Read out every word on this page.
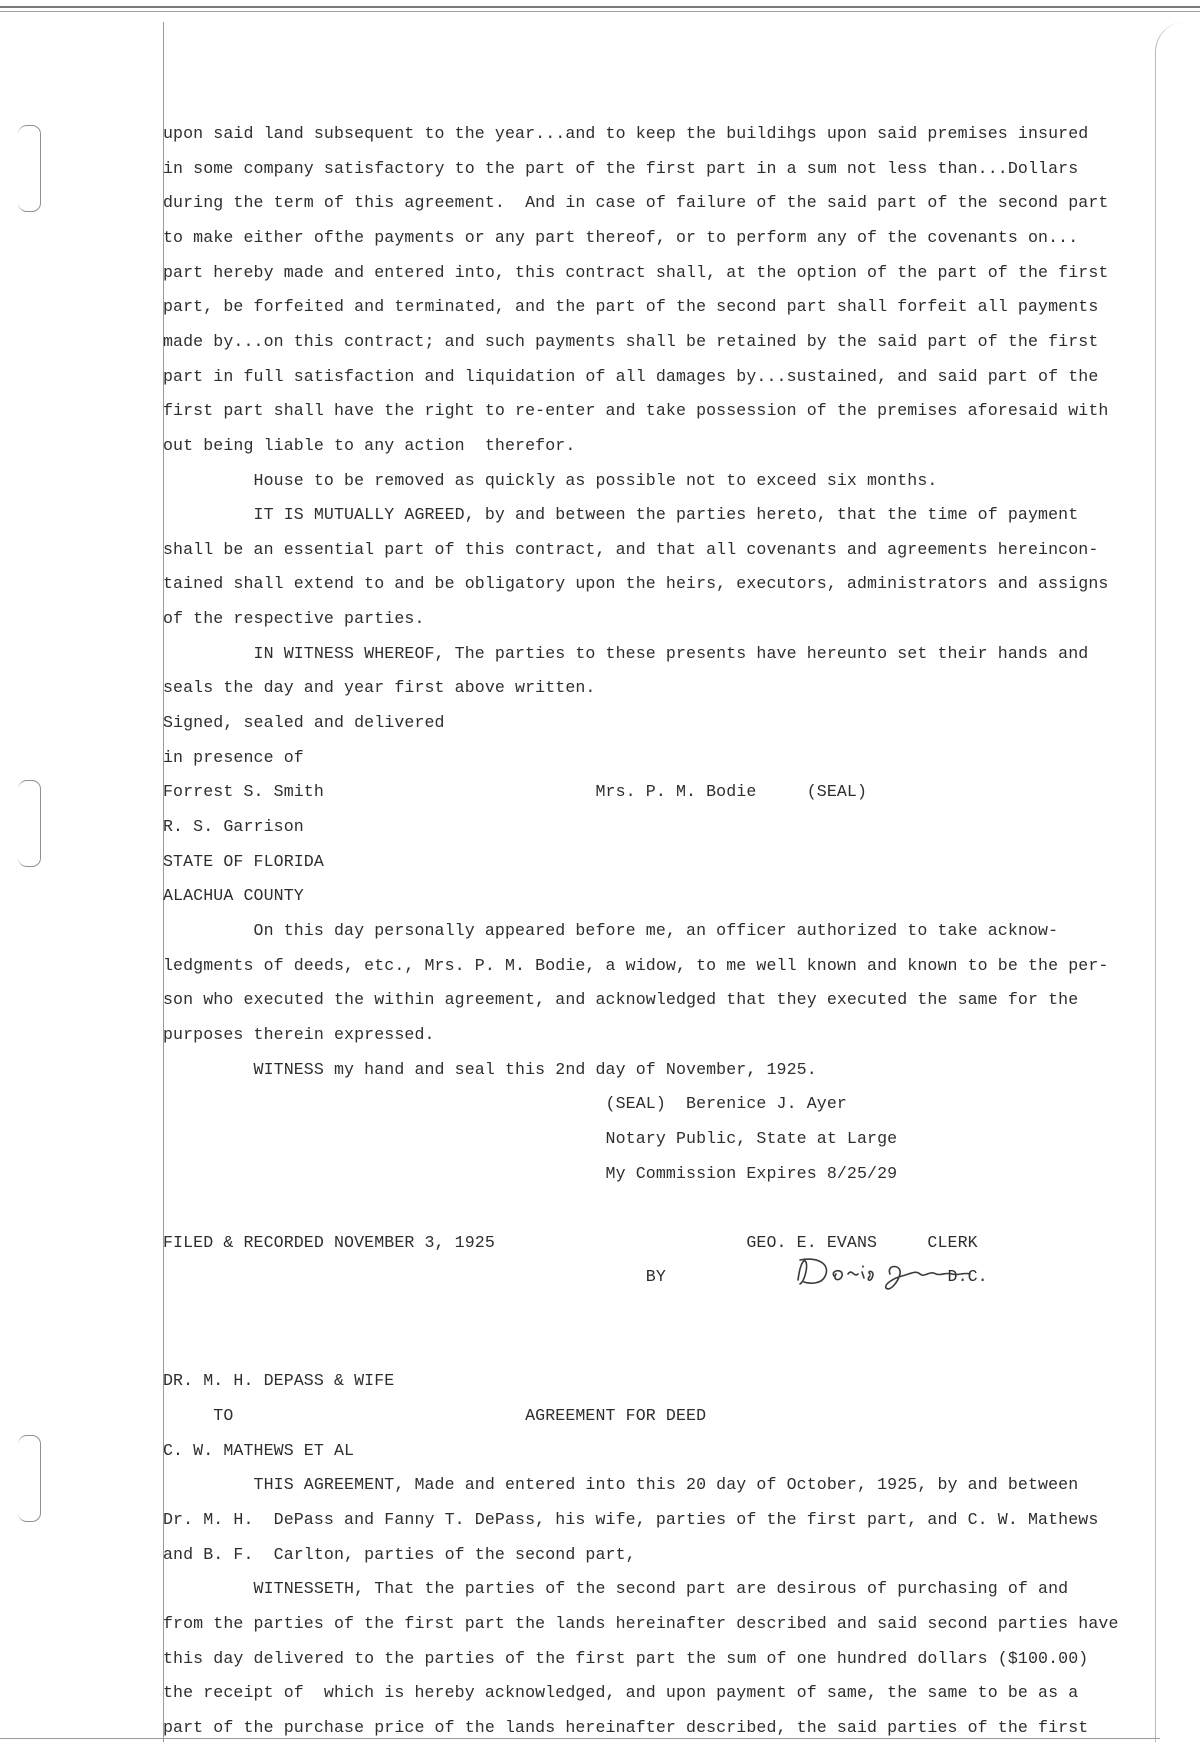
upon said land subsequent to the year...and to keep the buildihgs upon said premises insured
in some company satisfactory to the part of the first part in a sum not less than...Dollars
during the term of this agreement.  And in case of failure of the said part of the second part
to make either ofthe payments or any part thereof, or to perform any of the covenants on...
part hereby made and entered into, this contract shall, at the option of the part of the first
part, be forfeited and terminated, and the part of the second part shall forfeit all payments
made by...on this contract; and such payments shall be retained by the said part of the first
part in full satisfaction and liquidation of all damages by...sustained, and said part of the
first part shall have the right to re-enter and take possession of the premises aforesaid with
out being liable to any action  therefor.
House to be removed as quickly as possible not to exceed six months.
IT IS MUTUALLY AGREED, by and between the parties hereto, that the time of payment
shall be an essential part of this contract, and that all covenants and agreements hereincon-
tained shall extend to and be obligatory upon the heirs, executors, administrators and assigns
of the respective parties.
IN WITNESS WHEREOF, The parties to these presents have hereunto set their hands and
seals the day and year first above written.
Signed, sealed and delivered
in presence of
Forrest S. Smith                           Mrs. P. M. Bodie     (SEAL)
R. S. Garrison
STATE OF FLORIDA
ALACHUA COUNTY
On this day personally appeared before me, an officer authorized to take acknow-
ledgments of deeds, etc., Mrs. P. M. Bodie, a widow, to me well known and known to be the per-
son who executed the within agreement, and acknowledged that they executed the same for the
purposes therein expressed.
WITNESS my hand and seal this 2nd day of November, 1925.
(SEAL)  Berenice J. Ayer
Notary Public, State at Large
My Commission Expires 8/25/29
FILED & RECORDED NOVEMBER 3, 1925                         GEO. E. EVANS     CLERK
BY                            D.C.
DR. M. H. DEPASS & WIFE
TO                             AGREEMENT FOR DEED
C. W. MATHEWS ET AL
THIS AGREEMENT, Made and entered into this 20 day of October, 1925, by and between
Dr. M. H.  DePass and Fanny T. DePass, his wife, parties of the first part, and C. W. Mathews
and B. F.  Carlton, parties of the second part,
WITNESSETH, That the parties of the second part are desirous of purchasing of and
from the parties of the first part the lands hereinafter described and said second parties have
this day delivered to the parties of the first part the sum of one hundred dollars ($100.00)
the receipt of  which is hereby acknowledged, and upon payment of same, the same to be as a
part of the purchase price of the lands hereinafter described, the said parties of the first
